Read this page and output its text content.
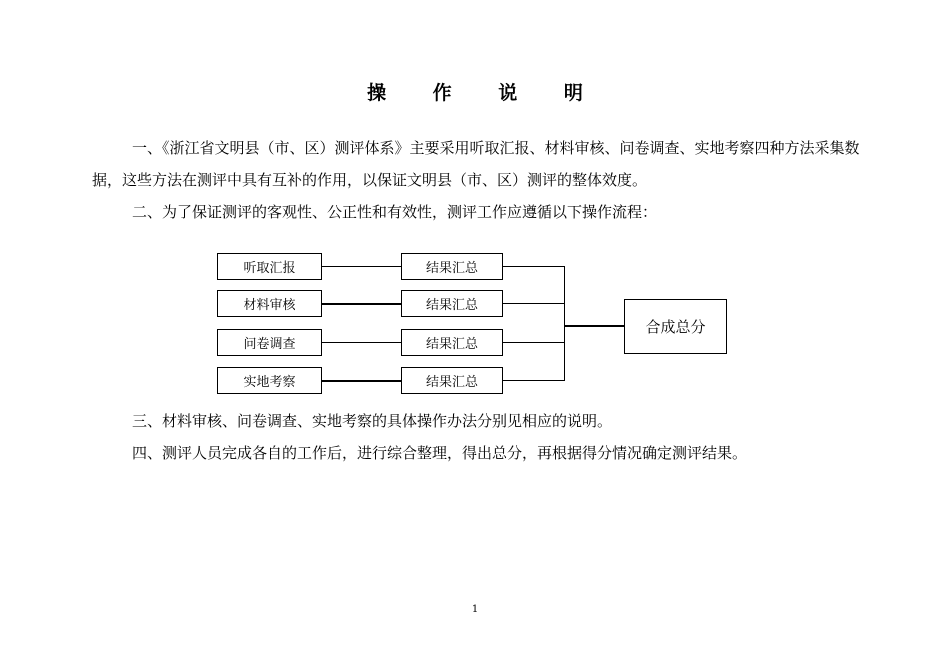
操 作 说 明
一、《浙江省文明县（市、区）测评体系》主要采用听取汇报、材料审核、问卷调查、实地考察四种方法采集数据，这些方法在测评中具有互补的作用，以保证文明县（市、区）测评的整体效度。
二、为了保证测评的客观性、公正性和有效性，测评工作应遵循以下操作流程：
听取汇报
材料审核
问卷调查
实地考察
结果汇总
结果汇总
结果汇总
结果汇总
合成总分
三、材料审核、问卷调查、实地考察的具体操作办法分别见相应的说明。
四、测评人员完成各自的工作后，进行综合整理，得出总分，再根据得分情况确定测评结果。
1
